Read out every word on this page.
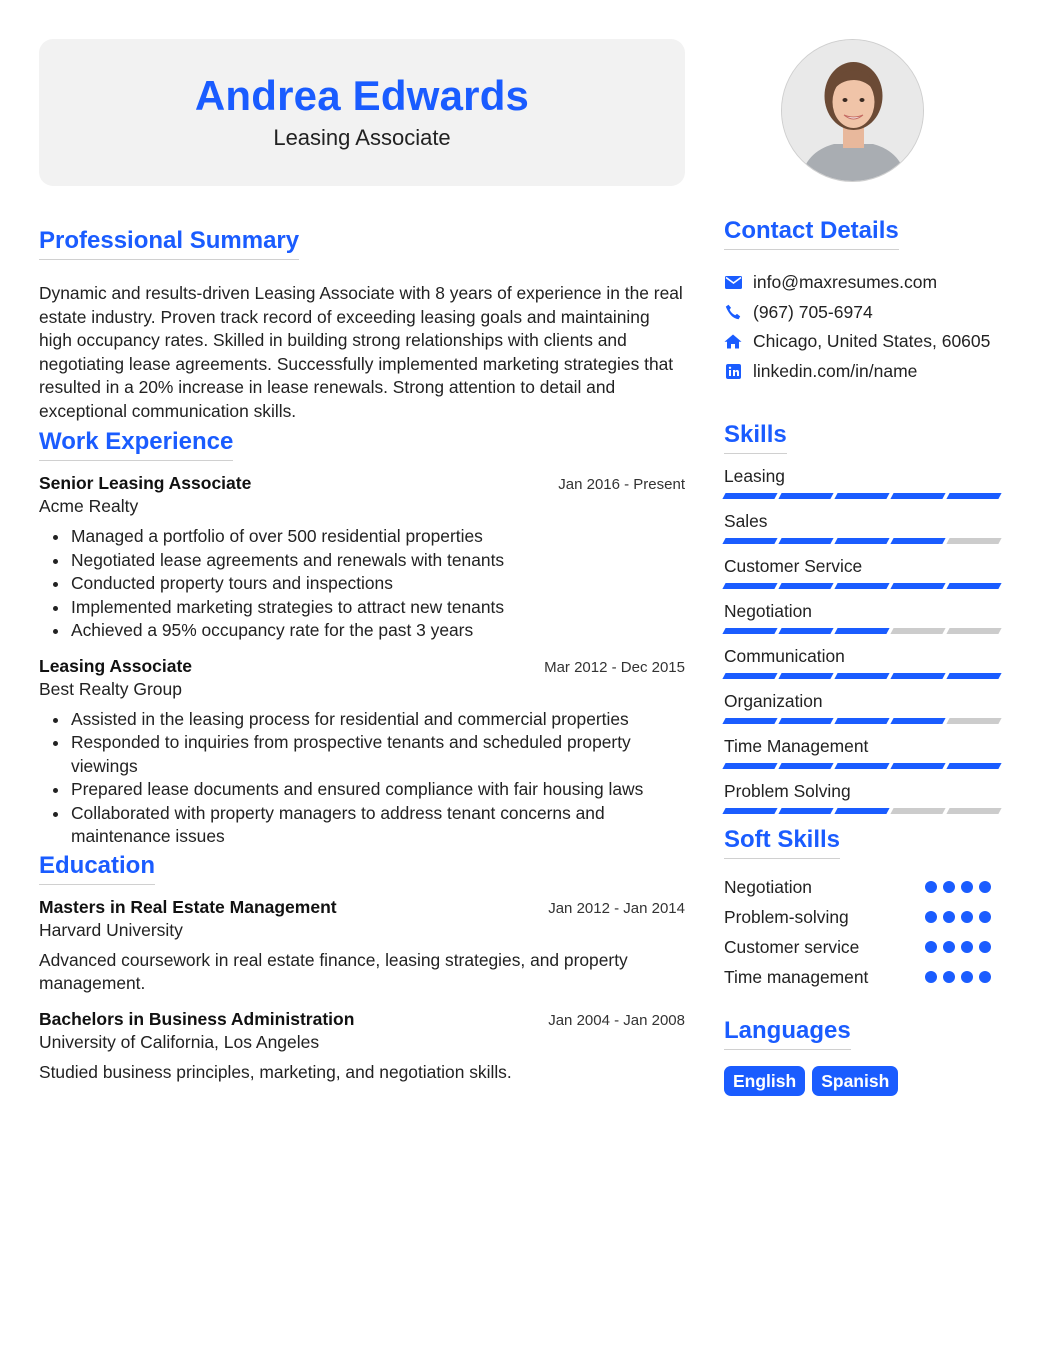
Andrea Edwards
Leasing Associate
Professional Summary

Dynamic and results-driven Leasing Associate with 8 years of experience in the real estate industry. Proven track record of exceeding leasing goals and maintaining high occupancy rates. Skilled in building strong relationships with clients and negotiating lease agreements. Successfully implemented marketing strategies that resulted in a 20% increase in lease renewals. Strong attention to detail and exceptional communication skills.

Work Experience
Senior Leasing Associate	Jan 2016 - Present
Acme Realty
Managed a portfolio of over 500 residential properties
Negotiated lease agreements and renewals with tenants
Conducted property tours and inspections
Implemented marketing strategies to attract new tenants
Achieved a 95% occupancy rate for the past 3 years
Leasing Associate	Mar 2012 - Dec 2015
Best Realty Group
Assisted in the leasing process for residential and commercial properties
Responded to inquiries from prospective tenants and scheduled property viewings
Prepared lease documents and ensured compliance with fair housing laws
Collaborated with property managers to address tenant concerns and maintenance issues
Education
Masters in Real Estate Management	Jan 2012 - Jan 2014
Harvard University

Advanced coursework in real estate finance, leasing strategies, and property management.

Bachelors in Business Administration	Jan 2004 - Jan 2008
University of California, Los Angeles

Studied business principles, marketing, and negotiation skills.

Contact Details
info@maxresumes.com
(967) 705-6974
Chicago, United States, 60605
linkedin.com/in/name
Skills
Leasing
Sales
Customer Service
Negotiation
Communication
Organization
Time Management
Problem Solving
Soft Skills
Negotiation
Problem-solving
Customer service
Time management
Languages
English	Spanish
